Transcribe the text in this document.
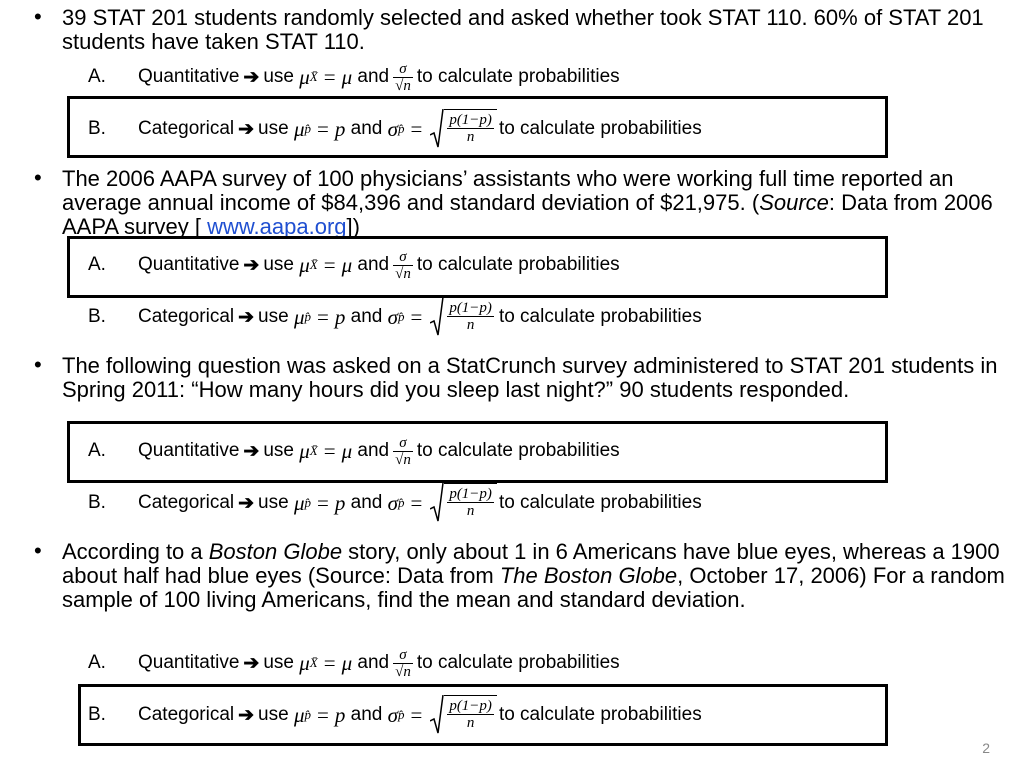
• 39 STAT 201 students randomly selected and asked whether took STAT 110. 60% of STAT 201 students have taken STAT 110.
A.	Quantitative ➔ use
μ X̄ = μ
and $\frac{\sigma}{√n}$ to calculate probabilities
B.	Categorical ➔ use
μ p̂ = p
and
σ p̂ = $\frac{p(1-p)}{n}$ to calculate probabilities
• The 2006 AAPA survey of 100 physicians’ assistants who were working full time reported an average annual income of $84,396 and standard deviation of $21,975. (Source: Data from 2006 AAPA survey [ www.aapa.org])
A.	Quantitative ➔ use
μ X̄ = μ
and $\frac{\sigma}{√n}$ to calculate probabilities
B.	Categorical ➔ use
μ p̂ = p
and
σ p̂ = $\frac{p(1-p)}{n}$ to calculate probabilities
• The following question was asked on a StatCrunch survey administered to STAT 201 students in Spring 2011: “How many hours did you sleep last night?” 90 students responded.
A.	Quantitative ➔ use
μ X̄ = μ
and $\frac{\sigma}{√n}$ to calculate probabilities
B.	Categorical ➔ use
μ p̂ = p
and
σ p̂ = $\frac{p(1-p)}{n}$ to calculate probabilities
• According to a Boston Globe story, only about 1 in 6 Americans have blue eyes, whereas a 1900 about half had blue eyes (Source: Data from The Boston Globe, October 17, 2006) For a random sample of 100 living Americans, find the mean and standard deviation.
A.	Quantitative ➔ use
μ X̄ = μ
and $\frac{\sigma}{√n}$ to calculate probabilities
B.	Categorical ➔ use
μ p̂ = p
and
σ p̂ = $\frac{p(1-p)}{n}$ to calculate probabilities
2
